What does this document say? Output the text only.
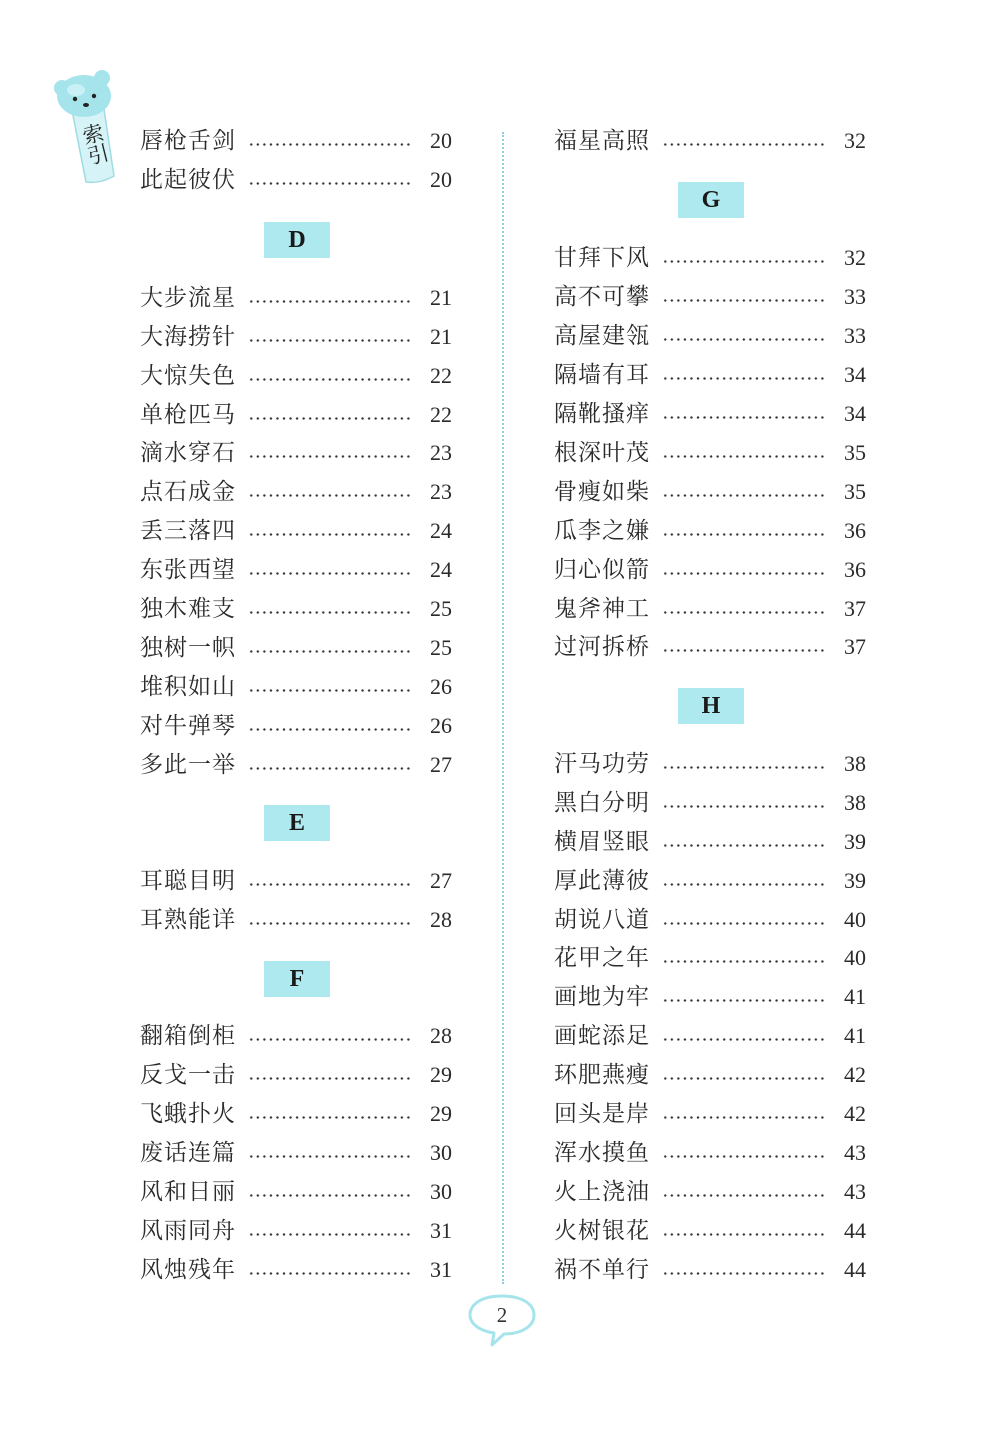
索引 唇枪舌剑	20
此起彼伏	20
D
大步流星	21
大海捞针	21
大惊失色	22
单枪匹马	22
滴水穿石	23
点石成金	23
丢三落四	24
东张西望	24
独木难支	25
独树一帜	25
堆积如山	26
对牛弹琴	26
多此一举	27
E
耳聪目明	27
耳熟能详	28
F
翻箱倒柜	28
反戈一击	29
飞蛾扑火	29
废话连篇	30
风和日丽	30
风雨同舟	31
风烛残年	31
福星高照	32
G
甘拜下风	32
高不可攀	33
高屋建瓴	33
隔墙有耳	34
隔靴搔痒	34
根深叶茂	35
骨瘦如柴	35
瓜李之嫌	36
归心似箭	36
鬼斧神工	37
过河拆桥	37
H
汗马功劳	38
黑白分明	38
横眉竖眼	39
厚此薄彼	39
胡说八道	40
花甲之年	40
画地为牢	41
画蛇添足	41
环肥燕瘦	42
回头是岸	42
浑水摸鱼	43
火上浇油	43
火树银花	44
祸不单行	44
2
